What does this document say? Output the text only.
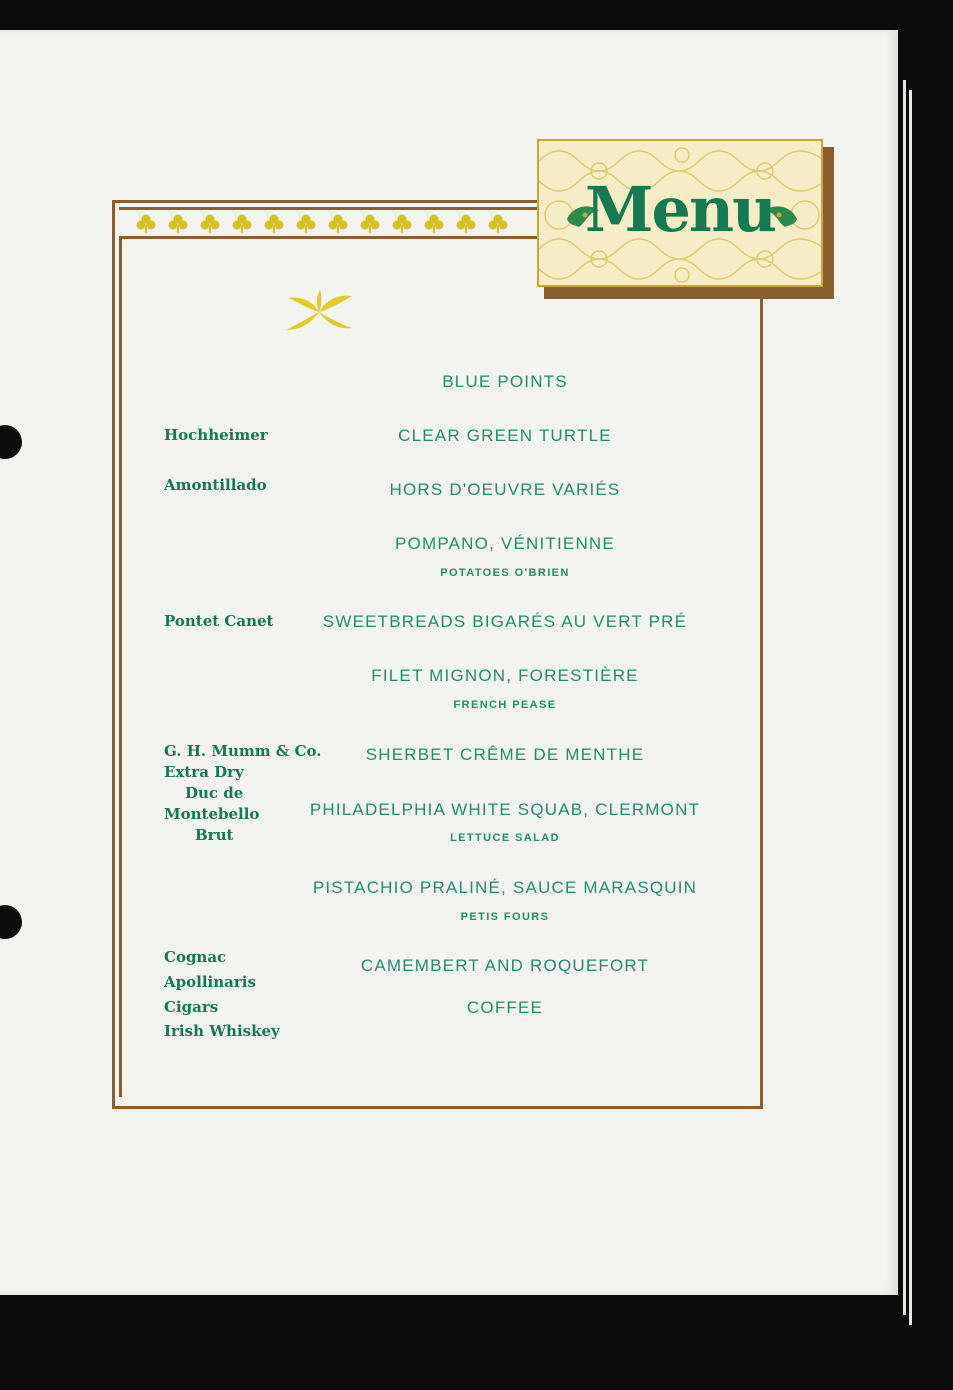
Menu
BLUE POINTS
CLEAR GREEN TURTLE
HORS D'OEUVRE VARIÉS
POMPANO, VÉNITIENNE
POTATOES O'BRIEN
SWEETBREADS BIGARÉS AU VERT PRÉ
FILET MIGNON, FORESTIÈRE
FRENCH PEASE
SHERBET CRÊME DE MENTHE
PHILADELPHIA WHITE SQUAB, CLERMONT
LETTUCE SALAD
PISTACHIO PRALINÉ, SAUCE MARASQUIN
PETIS FOURS
CAMEMBERT AND ROQUEFORT
COFFEE
Hochheimer
Amontillado
Pontet Canet
G. H. Mumm & Co.
Extra Dry
Duc de
Montebello
Brut
Cognac
Apollinaris
Cigars
Irish Whiskey
